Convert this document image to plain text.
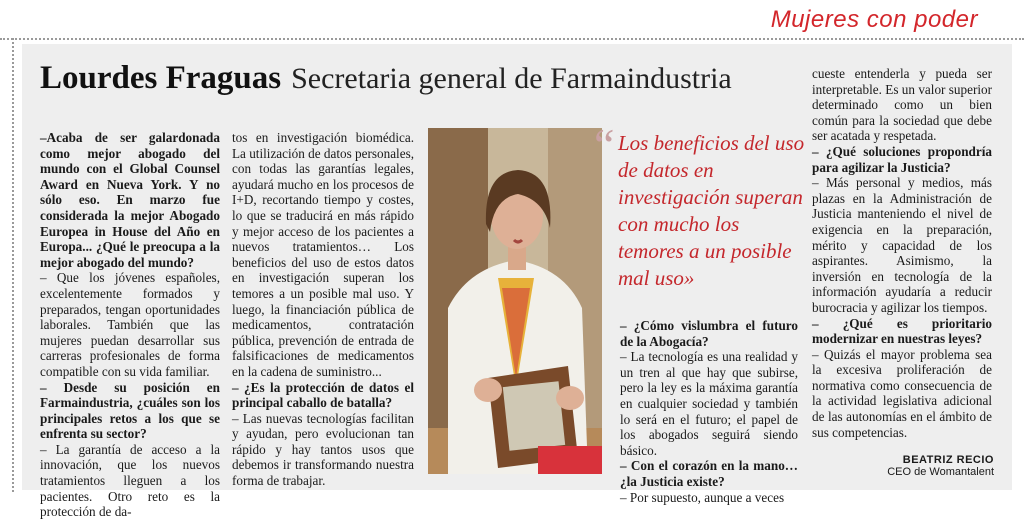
Mujeres con poder
Lourdes Fraguas Secretaria general de Farmaindustria

–Acaba de ser galardonada como mejor abogado del mundo con el Global Counsel Award en Nueva York. Y no sólo eso. En marzo fue considerada la mejor Abogado Europea in House del Año en Europa... ¿Qué le preocupa a la mejor abogado del mundo?

– Que los jóvenes españoles, excelentemente formados y preparados, tengan oportunidades laborales. También que las mujeres puedan desarrollar sus carreras profesionales de forma compatible con su vida familiar.

– Desde su posición en Farmaindustria, ¿cuáles son los principales retos a los que se enfrenta su sector?

– La garantía de acceso a la innovación, que los nuevos tratamientos lleguen a los pacientes. Otro reto es la protección de da-

tos en investigación biomédica. La utilización de datos personales, con todas las garantías legales, ayudará mucho en los procesos de I+D, recortando tiempo y costes, lo que se traducirá en más rápido y mejor acceso de los pacientes a nuevos tratamientos… Los beneficios del uso de estos datos en investigación superan los temores a un posible mal uso. Y luego, la financiación pública de medicamentos, contratación pública, prevención de entrada de falsificaciones de medicamentos en la cadena de suministro...

– ¿Es la protección de datos el principal caballo de batalla?

– Las nuevas tecnologías facilitan y ayudan, pero evolucionan tan rápido y hay tantos usos que debemos ir transformando nuestra forma de trabajar.

“ Los beneficios del uso de datos en investigación superan con mucho los temores a un posible mal uso»

– ¿Cómo vislumbra el futuro de la Abogacía?

– La tecnología es una realidad y un tren al que hay que subirse, pero la ley es la máxima garantía en cualquier sociedad y también lo será en el futuro; el papel de los abogados seguirá siendo básico.

– Con el corazón en la mano… ¿la Justicia existe?

– Por supuesto, aunque a veces

cueste entenderla y pueda ser interpretable. Es un valor superior determinado como un bien común para la sociedad que debe ser acatada y respetada.

– ¿Qué soluciones propondría para agilizar la Justicia?

– Más personal y medios, más plazas en la Administración de Justicia manteniendo el nivel de exigencia en la preparación, mérito y capacidad de los aspirantes. Asimismo, la inversión en tecnología de la información ayudaría a reducir burocracia y agilizar los tiempos.

– ¿Qué es prioritario modernizar en nuestras leyes?

– Quizás el mayor problema sea la excesiva proliferación de normativa como consecuencia de la actividad legislativa adicional de las autonomías en el ámbito de sus competencias.

BEATRIZ RECIO
CEO de Womantalent
